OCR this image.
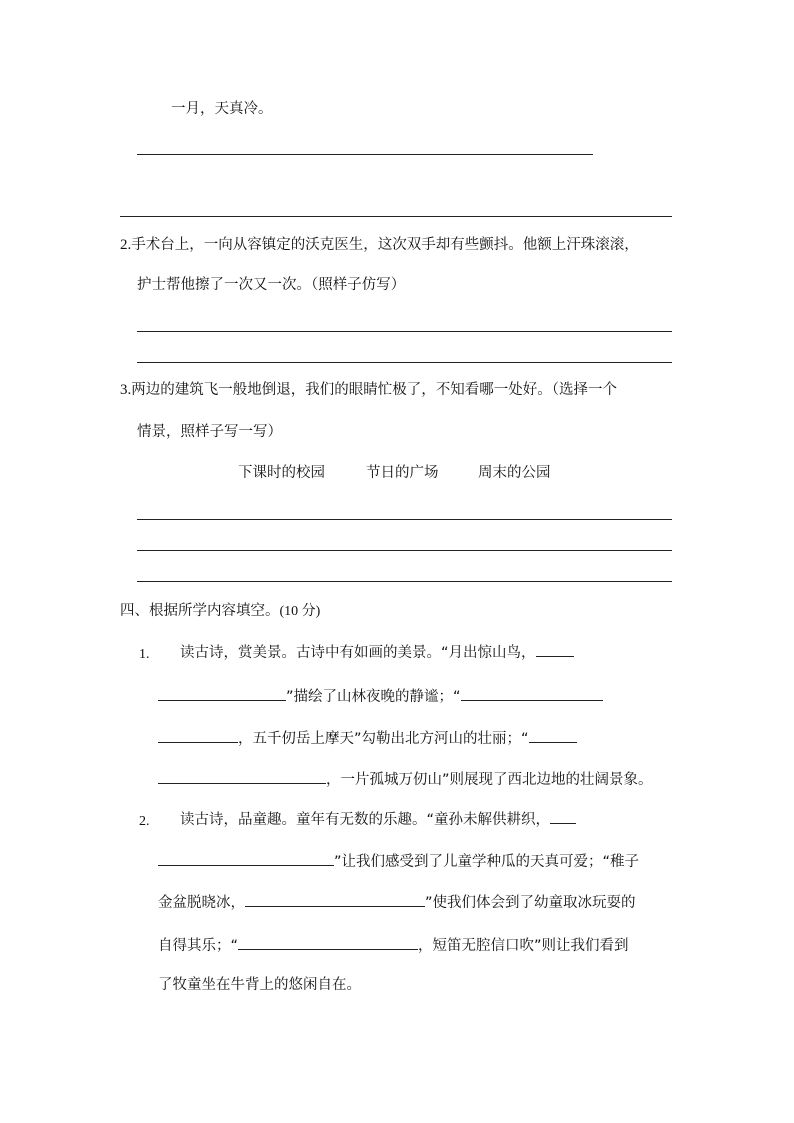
一月，天真冷。
2.手术台上，一向从容镇定的沃克医生，这次双手却有些颤抖。他额上汗珠滚滚，
护士帮他擦了一次又一次。（照样子仿写）
3.两边的建筑飞一般地倒退，我们的眼睛忙极了，不知看哪一处好。（选择一个
情景，照样子写一写）
下课时的校园	节日的广场	周末的公园
四、根据所学内容填空。(10 分)
1. 读古诗，赏美景。古诗中有如画的美景。“月出惊山鸟，
”描绘了山林夜晚的静谧；“
，五千仞岳上摩天”勾勒出北方河山的壮丽；“
，一片孤城万仞山”则展现了西北边地的壮阔景象。
2. 读古诗，品童趣。童年有无数的乐趣。“童孙未解供耕织，
”让我们感受到了儿童学种瓜的天真可爱；“稚子
金盆脱晓冰，	”使我们体会到了幼童取冰玩耍的
自得其乐；“	，短笛无腔信口吹”则让我们看到
了牧童坐在牛背上的悠闲自在。
